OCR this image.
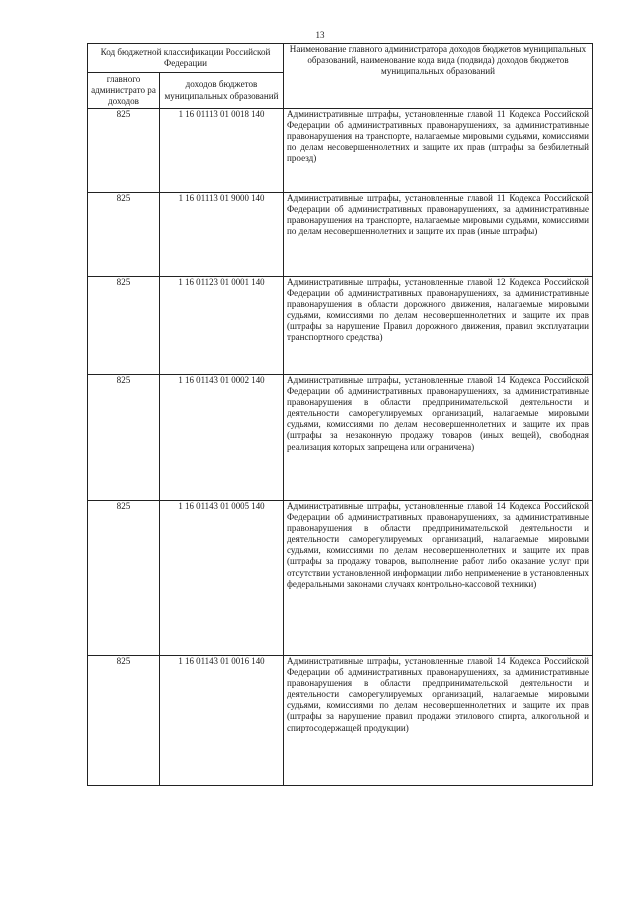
13
Код бюджетной классификации Российской Федерации		Наименование главного администратора доходов бюджетов муниципальных образований, наименование кода вида (подвида) доходов бюджетов муниципальных образований
главного администрато ра доходов	доходов бюджетов муниципальных образований	
825	1 16 01113 01 0018 140	Административные штрафы, установленные главой 11 Кодекса Российской Федерации об административных правонарушениях, за административные правонарушения на транспорте, налагаемые мировыми судьями, комиссиями по делам несовершеннолетних и защите их прав (штрафы за безбилетный проезд)
825	1 16 01113 01 9000 140	Административные штрафы, установленные главой 11 Кодекса Российской Федерации об административных правонарушениях, за административные правонарушения на транспорте, налагаемые мировыми судьями, комиссиями по делам несовершеннолетних и защите их прав (иные штрафы)
825	1 16 01123 01 0001 140	Административные штрафы, установленные главой 12 Кодекса Российской Федерации об административных правонарушениях, за административные правонарушения в области дорожного движения, налагаемые мировыми судьями, комиссиями по делам несовершеннолетних и защите их прав (штрафы за нарушение Правил дорожного движения, правил эксплуатации транспортного средства)
825	1 16 01143 01 0002 140	Административные штрафы, установленные главой 14 Кодекса Российской Федерации об административных правонарушениях, за административные правонарушения в области предпринимательской деятельности и деятельности саморегулируемых организаций, налагаемые мировыми судьями, комиссиями по делам несовершеннолетних и защите их прав (штрафы за незаконную продажу товаров (иных вещей), свободная реализация которых запрещена или ограничена)
825	1 16 01143 01 0005 140	Административные штрафы, установленные главой 14 Кодекса Российской Федерации об административных правонарушениях, за административные правонарушения в области предпринимательской деятельности и деятельности саморегулируемых организаций, налагаемые мировыми судьями, комиссиями по делам несовершеннолетних и защите их прав (штрафы за продажу товаров, выполнение работ либо оказание услуг при отсутствии установленной информации либо неприменение в установленных федеральными законами случаях контрольно-кассовой техники)
825	1 16 01143 01 0016 140	Административные штрафы, установленные главой 14 Кодекса Российской Федерации об административных правонарушениях, за административные правонарушения в области предпринимательской деятельности и деятельности саморегулируемых организаций, налагаемые мировыми судьями, комиссиями по делам несовершеннолетних и защите их прав (штрафы за нарушение правил продажи этилового спирта, алкогольной и спиртосодержащей продукции)
